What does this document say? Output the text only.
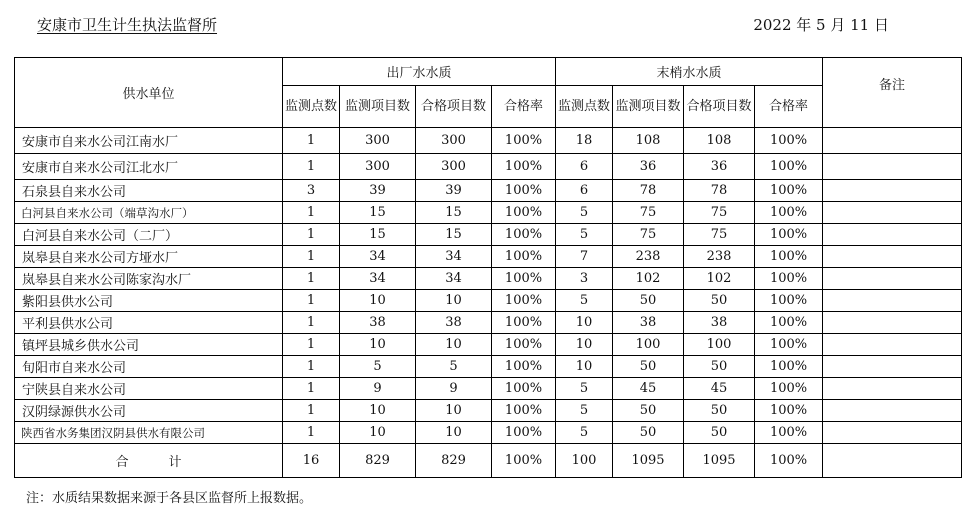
安康市卫生计生执法监督所	2022 年 5 月 11 日
供水单位	出厂水水质				末梢水水质				备注
	监测点数	监测项目数	合格项目数	合格率	监测点数	监测项目数	合格项目数	合格率	
安康市自来水公司江南水厂	1	300	300	100%	18	108	108	100%	
安康市自来水公司江北水厂	1	300	300	100%	6	36	36	100%	
石泉县自来水公司	3	39	39	100%	6	78	78	100%	
白河县自来水公司（端草沟水厂）	1	15	15	100%	5	75	75	100%	
白河县自来水公司（二厂）	1	15	15	100%	5	75	75	100%	
岚皋县自来水公司方垭水厂	1	34	34	100%	7	238	238	100%	
岚皋县自来水公司陈家沟水厂	1	34	34	100%	3	102	102	100%	
紫阳县供水公司	1	10	10	100%	5	50	50	100%	
平利县供水公司	1	38	38	100%	10	38	38	100%	
镇坪县城乡供水公司	1	10	10	100%	10	100	100	100%	
旬阳市自来水公司	1	5	5	100%	10	50	50	100%	
宁陕县自来水公司	1	9	9	100%	5	45	45	100%	
汉阴绿源供水公司	1	10	10	100%	5	50	50	100%	
陕西省水务集团汉阴县供水有限公司	1	10	10	100%	5	50	50	100%	
合计	16	829	829	100%	100	1095	1095	100%	
注：水质结果数据来源于各县区监督所上报数据。
